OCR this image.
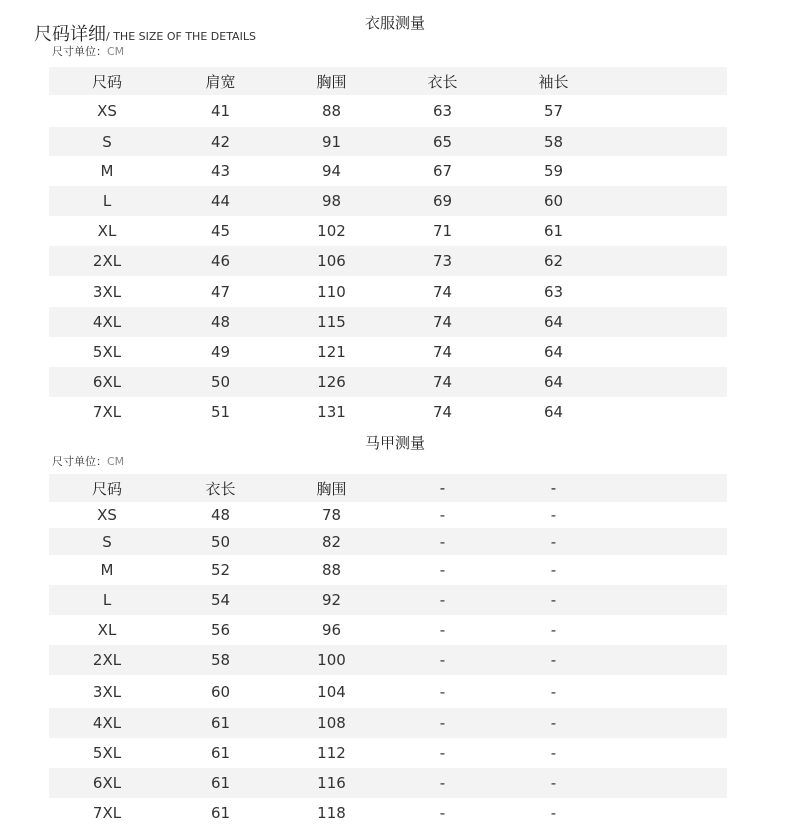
尺码详细/ THE SIZE OF THE DETAILS
尺寸单位：CM
衣服测量
尺码	肩宽	胸围	衣长	袖长	
XS	41	88	63	57	
S	42	91	65	58	
M	43	94	67	59	
L	44	98	69	60	
XL	45	102	71	61	
2XL	46	106	73	62	
3XL	47	110	74	63	
4XL	48	115	74	64	
5XL	49	121	74	64	
6XL	50	126	74	64	
7XL	51	131	74	64	
马甲测量
尺寸单位：CM
尺码	衣长	胸围	-	-	
XS	48	78	-	-	
S	50	82	-	-	
M	52	88	-	-	
L	54	92	-	-	
XL	56	96	-	-	
2XL	58	100	-	-	
3XL	60	104	-	-	
4XL	61	108	-	-	
5XL	61	112	-	-	
6XL	61	116	-	-	
7XL	61	118	-	-	
